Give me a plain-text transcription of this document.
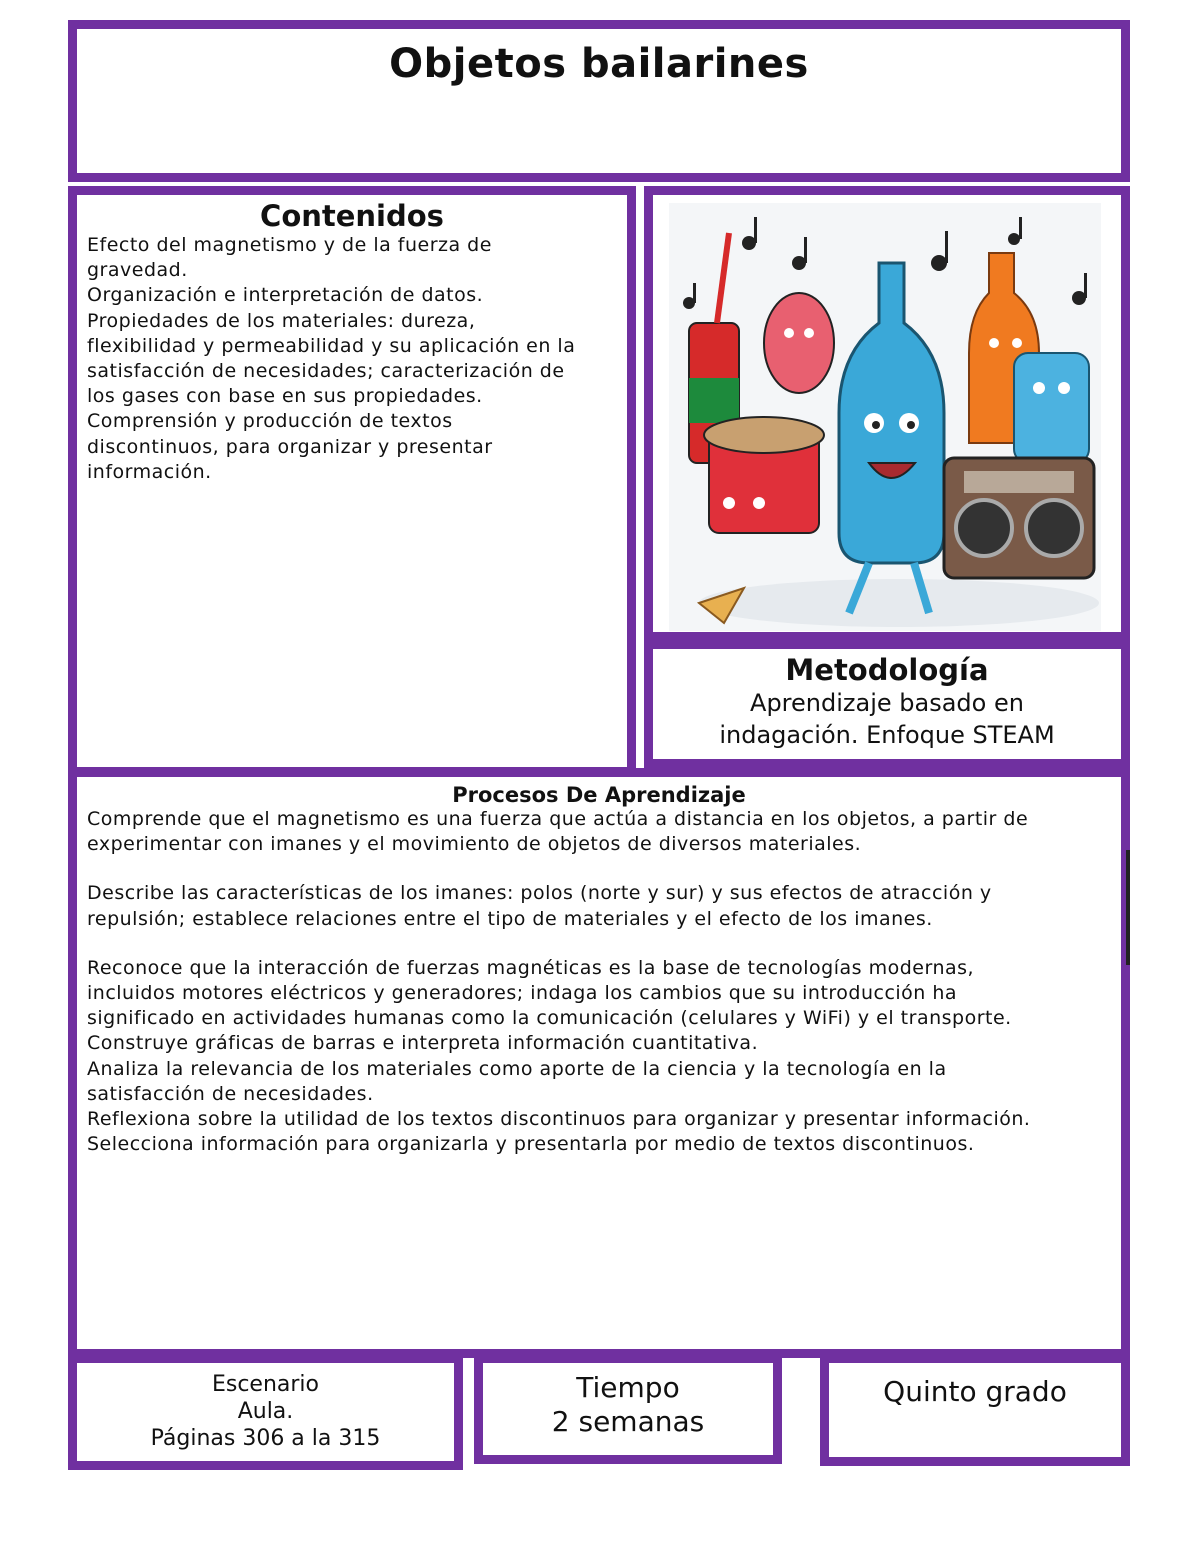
Objetos bailarines
Contenidos
Efecto del magnetismo y de la fuerza de
gravedad.
Organización e interpretación de datos.
Propiedades de los materiales: dureza,
flexibilidad y permeabilidad y su aplicación en la
satisfacción de necesidades; caracterización de
los gases con base en sus propiedades.
Comprensión y producción de textos
discontinuos, para organizar y presentar
información.
Metodología
Aprendizaje basado en
indagación. Enfoque STEAM
Procesos De Aprendizaje
Comprende que el magnetismo es una fuerza que actúa a distancia en los objetos, a partir de
experimentar con imanes y el movimiento de objetos de diversos materiales.
Describe las características de los imanes: polos (norte y sur) y sus efectos de atracción y
repulsión; establece relaciones entre el tipo de materiales y el efecto de los imanes.
Reconoce que la interacción de fuerzas magnéticas es la base de tecnologías modernas,
incluidos motores eléctricos y generadores; indaga los cambios que su introducción ha
significado en actividades humanas como la comunicación (celulares y WiFi) y el transporte.
Construye gráficas de barras e interpreta información cuantitativa.
Analiza la relevancia de los materiales como aporte de la ciencia y la tecnología en la
satisfacción de necesidades.
Reflexiona sobre la utilidad de los textos discontinuos para organizar y presentar información.
Selecciona información para organizarla y presentarla por medio de textos discontinuos.
Escenario
Aula.
Páginas 306 a la 315
Tiempo
2 semanas
Quinto grado
